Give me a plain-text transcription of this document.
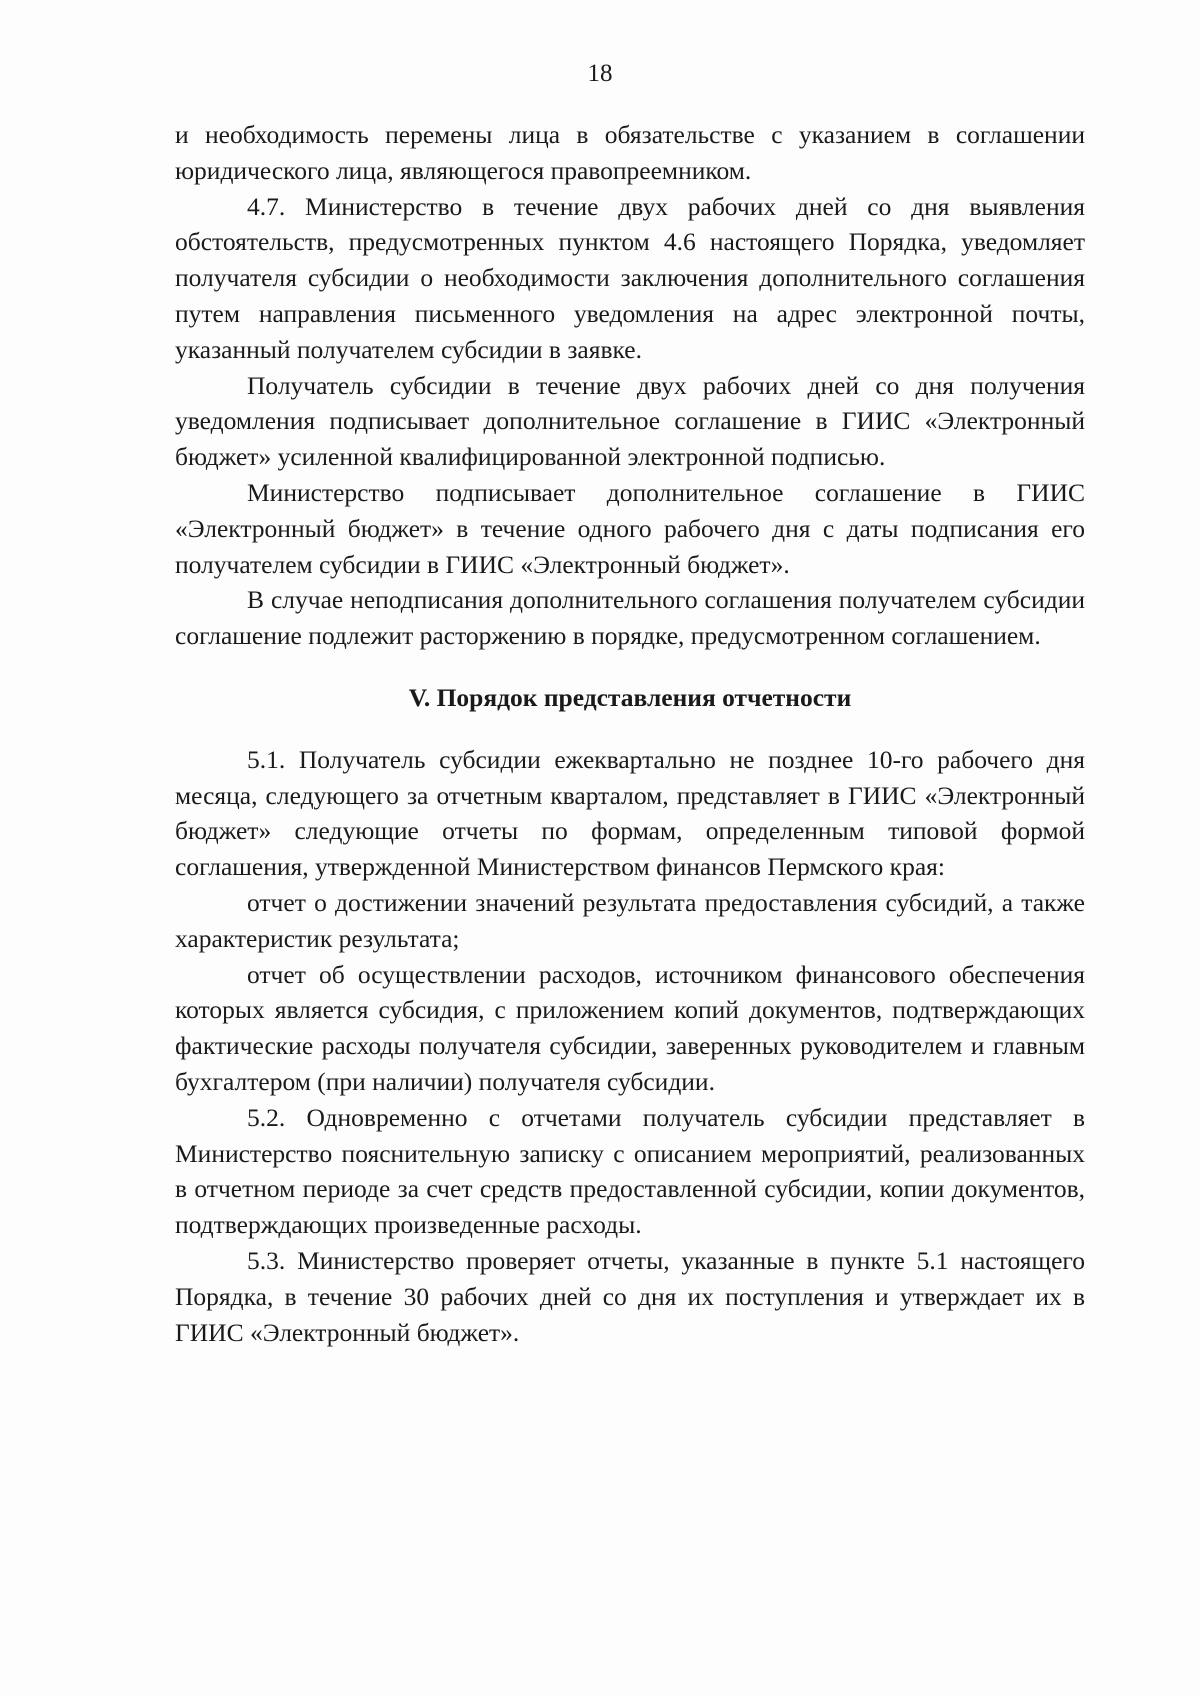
18

и необходимость перемены лица в обязательстве с указанием в соглашении юридического лица, являющегося правопреемником.

4.7. Министерство в течение двух рабочих дней со дня выявления обстоятельств, предусмотренных пунктом 4.6 настоящего Порядка, уведомляет получателя субсидии о необходимости заключения дополнительного соглашения путем направления письменного уведомления на адрес электронной почты, указанный получателем субсидии в заявке.

Получатель субсидии в течение двух рабочих дней со дня получения уведомления подписывает дополнительное соглашение в ГИИС «Электронный бюджет» усиленной квалифицированной электронной подписью.

Министерство подписывает дополнительное соглашение в ГИИС «Электронный бюджет» в течение одного рабочего дня с даты подписания его получателем субсидии в ГИИС «Электронный бюджет».

В случае неподписания дополнительного соглашения получателем субсидии соглашение подлежит расторжению в порядке, предусмотренном соглашением.

V. Порядок представления отчетности

5.1. Получатель субсидии ежеквартально не позднее 10-го рабочего дня месяца, следующего за отчетным кварталом, представляет в ГИИС «Электронный бюджет» следующие отчеты по формам, определенным типовой формой соглашения, утвержденной Министерством финансов Пермского края:

отчет о достижении значений результата предоставления субсидий, а также характеристик результата;

отчет об осуществлении расходов, источником финансового обеспечения которых является субсидия, с приложением копий документов, подтверждающих фактические расходы получателя субсидии, заверенных руководителем и главным бухгалтером (при наличии) получателя субсидии.

5.2. Одновременно с отчетами получатель субсидии представляет в Министерство пояснительную записку с описанием мероприятий, реализованных в отчетном периоде за счет средств предоставленной субсидии, копии документов, подтверждающих произведенные расходы.

5.3. Министерство проверяет отчеты, указанные в пункте 5.1 настоящего Порядка, в течение 30 рабочих дней со дня их поступления и утверждает их в ГИИС «Электронный бюджет».
